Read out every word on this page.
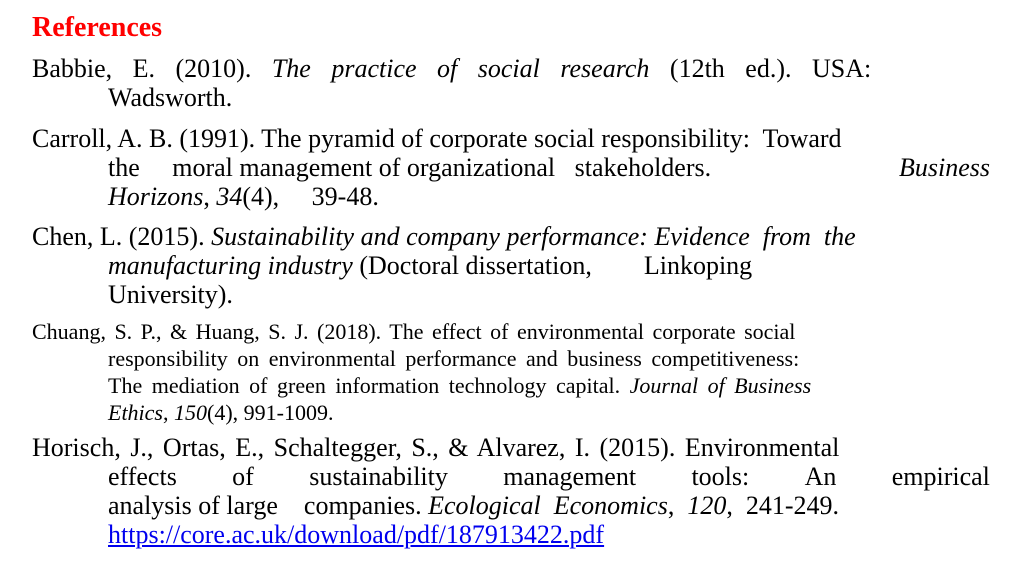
References
Babbie, E. (2010). The practice of social research (12th ed.). USA:
Wadsworth.
Carroll, A. B. (1991). The pyramid of corporate social responsibility:  Toward
the     moral management of organizational   stakeholders.	Business
Horizons, 34(4),     39-48.
Chen, L. (2015). Sustainability and company performance: Evidence  from  the
manufacturing industry (Doctoral dissertation,        Linkoping
University).
Chuang, S. P., & Huang, S. J. (2018). The effect of environmental corporate social
responsibility on environmental performance and business competitiveness:
The mediation of green information technology capital. Journal of Business
Ethics, 150(4), 991-1009.
Horisch, J., Ortas, E., Schaltegger, S., & Alvarez, I. (2015). Environmental
effects of sustainability management tools: An empirical
analysis of large    companies. Ecological  Economics,  120,  241-249.
https://core.ac.uk/download/pdf/187913422.pdf
